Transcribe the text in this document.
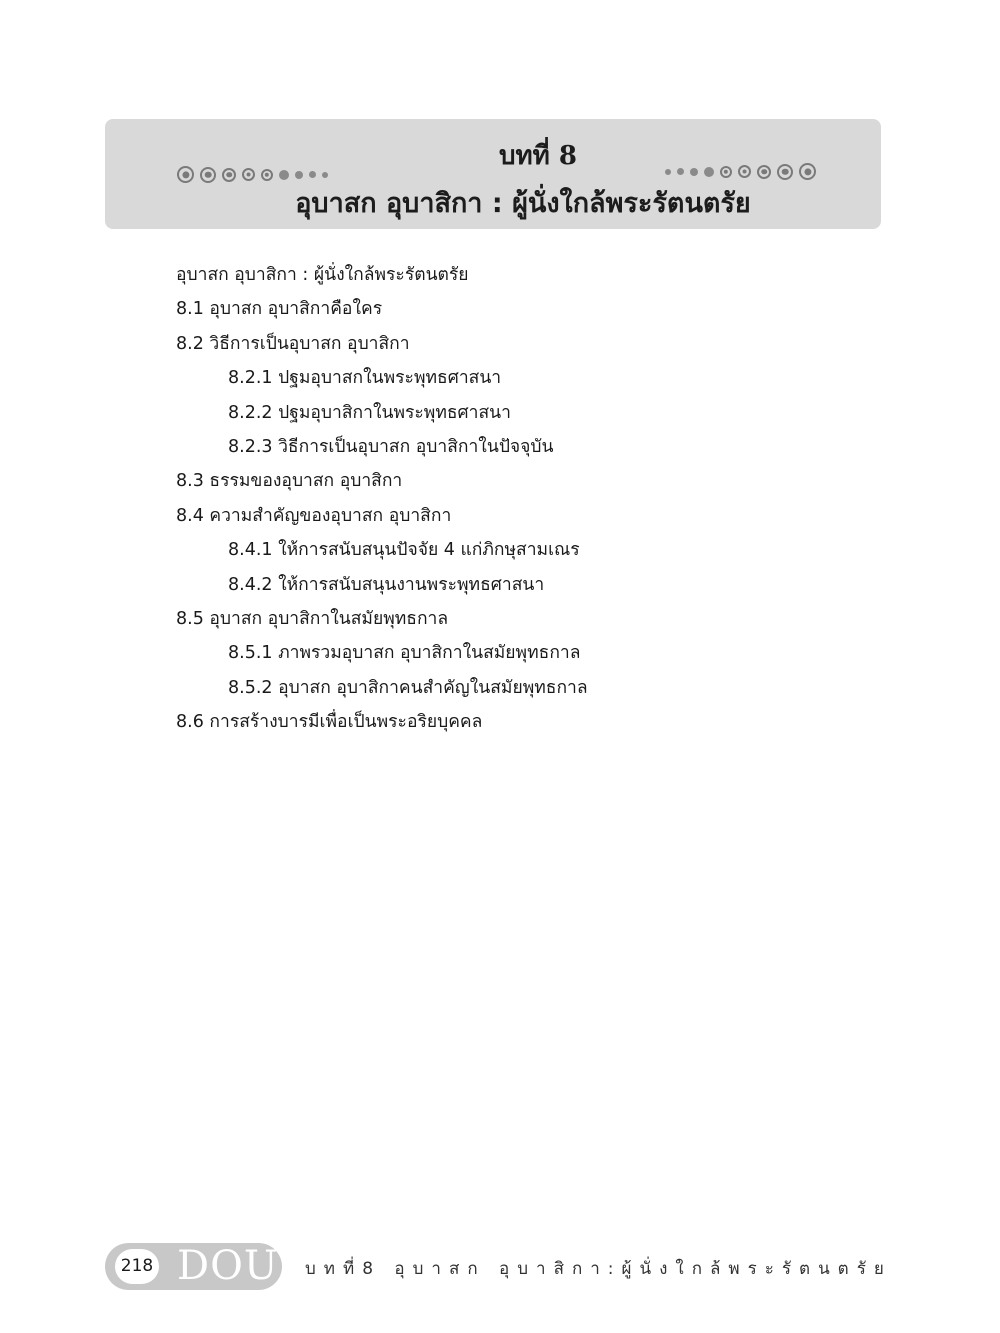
บทที่ 8
อุบาสก อุบาสิกา : ผู้นั่งใกล้พระรัตนตรัย
อุบาสก อุบาสิกา : ผู้นั่งใกล้พระรัตนตรัย
8.1 อุบาสก อุบาสิกาคือใคร
8.2 วิธีการเป็นอุบาสก อุบาสิกา
8.2.1 ปฐมอุบาสกในพระพุทธศาสนา
8.2.2 ปฐมอุบาสิกาในพระพุทธศาสนา
8.2.3 วิธีการเป็นอุบาสก อุบาสิกาในปัจจุบัน
8.3 ธรรมของอุบาสก อุบาสิกา
8.4 ความสำคัญของอุบาสก อุบาสิกา
8.4.1 ให้การสนับสนุนปัจจัย 4 แก่ภิกษุสามเณร
8.4.2 ให้การสนับสนุนงานพระพุทธศาสนา
8.5 อุบาสก อุบาสิกาในสมัยพุทธกาล
8.5.1 ภาพรวมอุบาสก อุบาสิกาในสมัยพุทธกาล
8.5.2 อุบาสก อุบาสิกาคนสำคัญในสมัยพุทธกาล
8.6 การสร้างบารมีเพื่อเป็นพระอริยบุคคล
218 DOU บทที่8 อุบาสก อุบาสิกา:ผู้นั่งใกล้พระรัตนตรัย
